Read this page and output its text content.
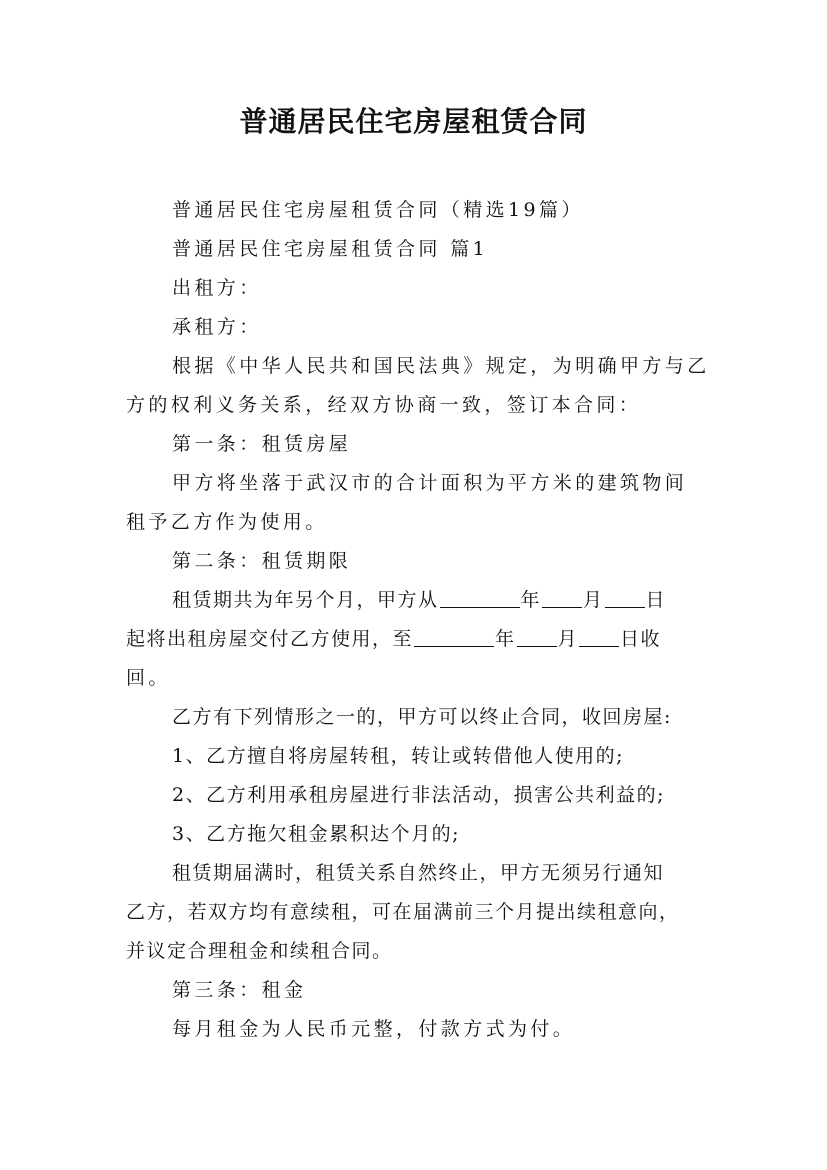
普通居民住宅房屋租赁合同
普通居民住宅房屋租赁合同（精选19篇）
普通居民住宅房屋租赁合同 篇1
出租方：
承租方：
根据《中华人民共和国民法典》规定，为明确甲方与乙
方的权利义务关系，经双方协商一致，签订本合同：
第一条：租赁房屋
甲方将坐落于武汉市的合计面积为平方米的建筑物间
租予乙方作为使用。
第二条：租赁期限
租赁期共为年另个月，甲方从	年 月 日
起将出租房屋交付乙方使用，至	年 月 日收
回。
乙方有下列情形之一的，甲方可以终止合同，收回房屋:
1、乙方擅自将房屋转租，转让或转借他人使用的;
2、乙方利用承租房屋进行非法活动，损害公共利益的;
3、乙方拖欠租金累积达个月的;
租赁期届满时，租赁关系自然终止，甲方无须另行通知
乙方，若双方均有意续租，可在届满前三个月提出续租意向，
并议定合理租金和续租合同。
第三条：租金
每月租金为人民币元整，付款方式为付。
